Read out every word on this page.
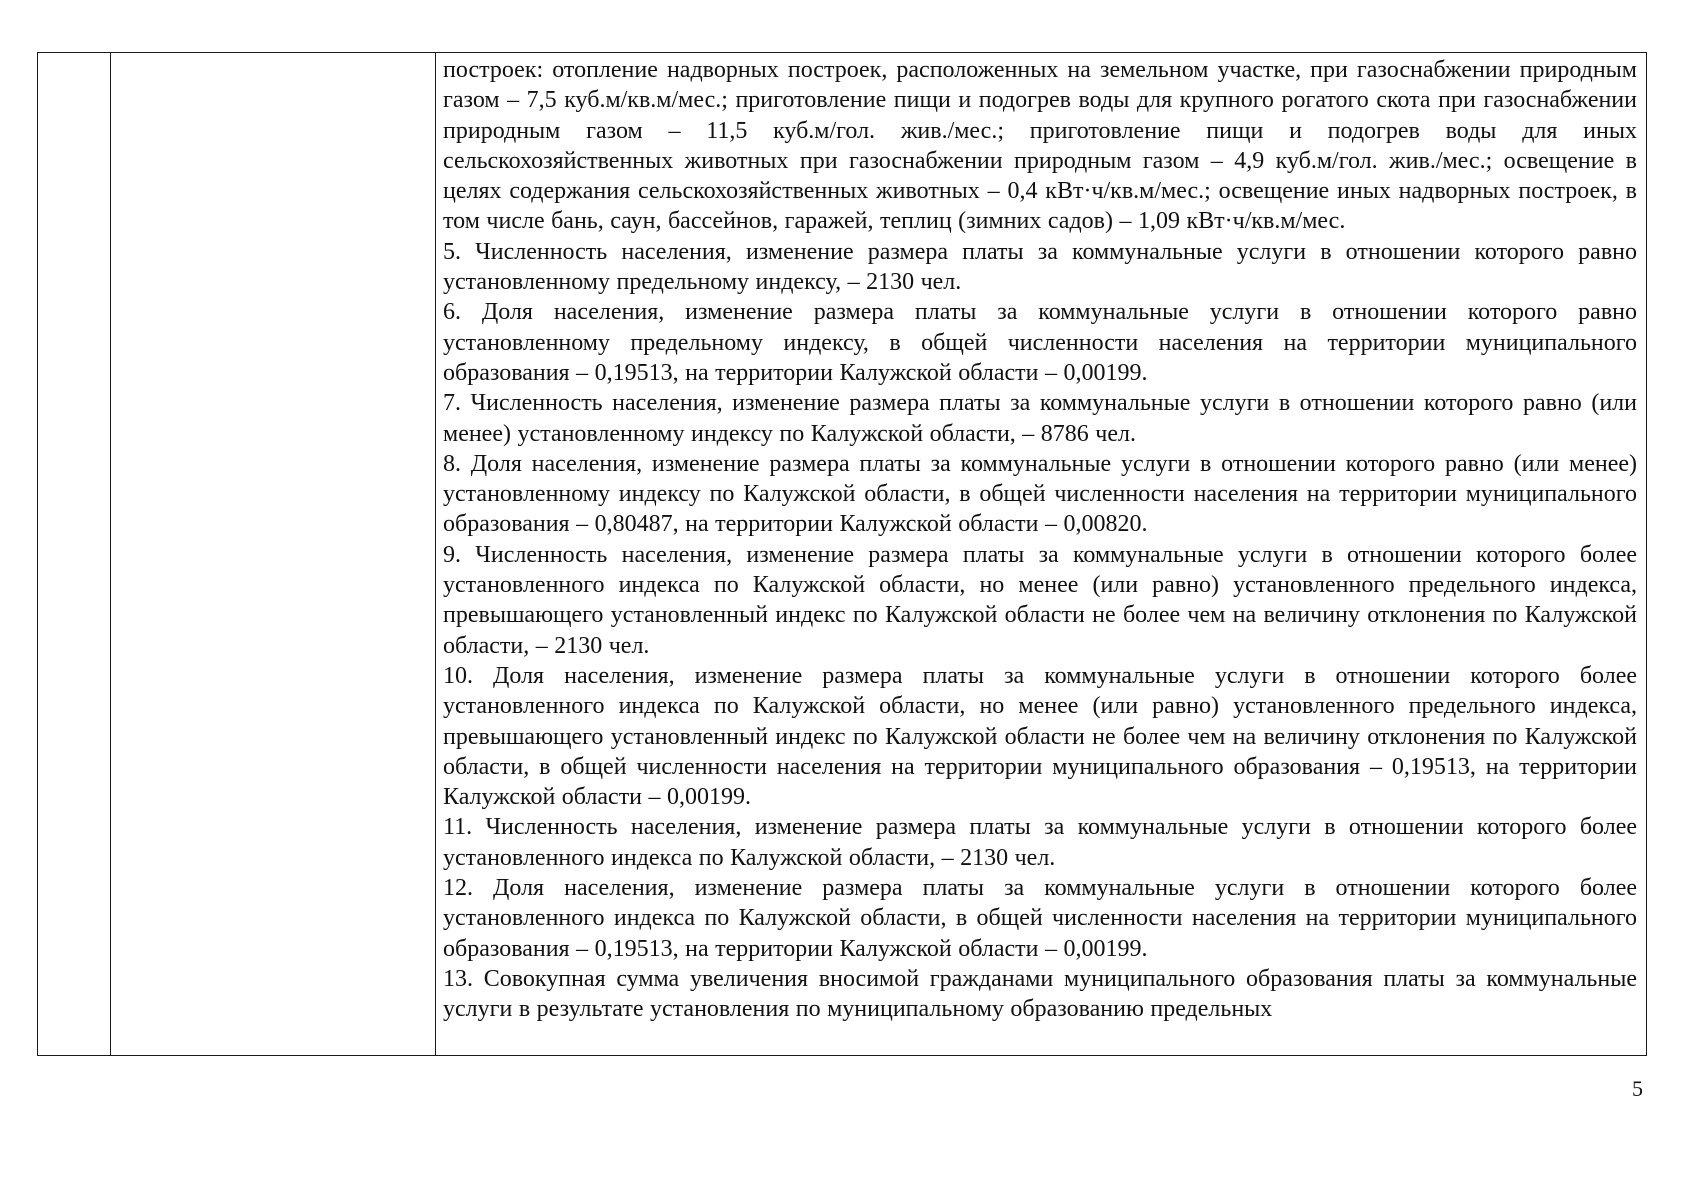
построек: отопление надворных построек, расположенных на земельном участке, при газоснабжении природным газом – 7,5 куб.м/кв.м/мес.; приготовление пищи и подогрев воды для крупного рогатого скота при газоснабжении природным газом – 11,5 куб.м/гол. жив./мес.; приготовление пищи и подогрев воды для иных сельскохозяйственных животных при газоснабжении природным газом – 4,9 куб.м/гол. жив./мес.; освещение в целях содержания сельскохозяйственных животных – 0,4 кВт·ч/кв.м/мес.; освещение иных надворных построек, в том числе бань, саун, бассейнов, гаражей, теплиц (зимних садов) – 1,09 кВт·ч/кв.м/мес.

5. Численность населения, изменение размера платы за коммунальные услуги в отношении которого равно установленному предельному индексу, – 2130 чел.

6. Доля населения, изменение размера платы за коммунальные услуги в отношении которого равно установленному предельному индексу, в общей численности населения на территории муниципального образования – 0,19513, на территории Калужской области – 0,00199.

7. Численность населения, изменение размера платы за коммунальные услуги в отношении которого равно (или менее) установленному индексу по Калужской области, – 8786 чел.

8. Доля населения, изменение размера платы за коммунальные услуги в отношении которого равно (или менее) установленному индексу по Калужской области, в общей численности населения на территории муниципального образования – 0,80487, на территории Калужской области – 0,00820.

9. Численность населения, изменение размера платы за коммунальные услуги в отношении которого более установленного индекса по Калужской области, но менее (или равно) установленного предельного индекса, превышающего установленный индекс по Калужской области не более чем на величину отклонения по Калужской области, – 2130 чел.

10. Доля населения, изменение размера платы за коммунальные услуги в отношении которого более установленного индекса по Калужской области, но менее (или равно) установленного предельного индекса, превышающего установленный индекс по Калужской области не более чем на величину отклонения по Калужской области, в общей численности населения на территории муниципального образования – 0,19513, на территории Калужской области – 0,00199.

11. Численность населения, изменение размера платы за коммунальные услуги в отношении которого более установленного индекса по Калужской области, – 2130 чел.

12. Доля населения, изменение размера платы за коммунальные услуги в отношении которого более установленного индекса по Калужской области, в общей численности населения на территории муниципального образования – 0,19513, на территории Калужской области – 0,00199.

13. Совокупная сумма увеличения вносимой гражданами муниципального образования платы за коммунальные услуги в результате установления по муниципальному образованию предельных

5
